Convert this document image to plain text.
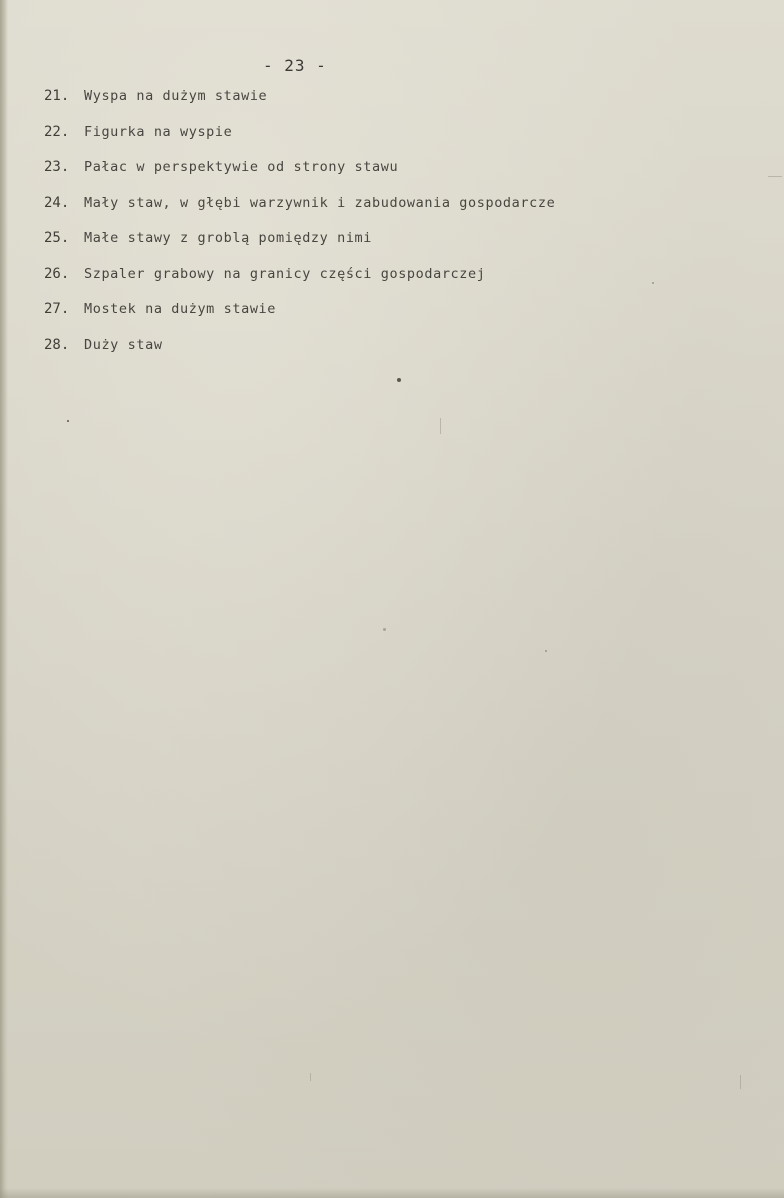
- 23 -
21.	Wyspa na dużym stawie
22.	Figurka na wyspie
23.	Pałac w perspektywie od strony stawu
24.	Mały staw, w głębi warzywnik i zabudowania gospodarcze
25.	Małe stawy z groblą pomiędzy nimi
26.	Szpaler grabowy na granicy części gospodarczej
27.	Mostek na dużym stawie
28.	Duży staw
